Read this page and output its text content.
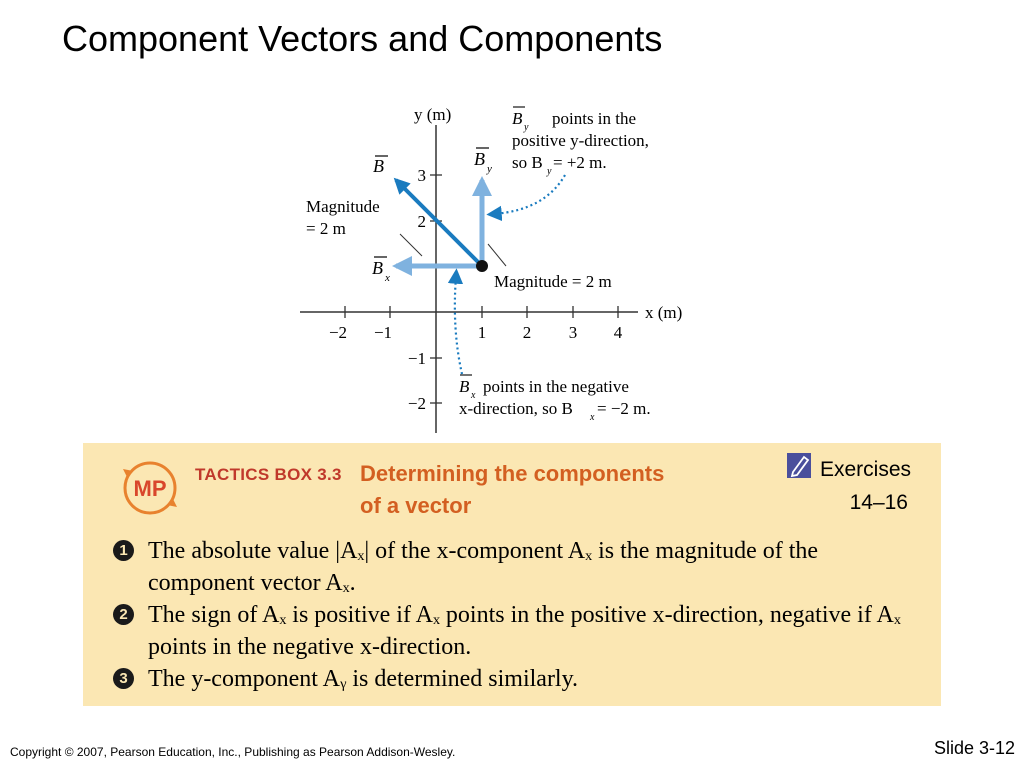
Component Vectors and Components
−2 −1	1 2 3 4
3
2
−1
−2
y (m)
x (m)
B	B y
B x
Magnitude
= 2 m
Magnitude = 2 m
B y points in the
positive y-direction,
so B y = +2 m.
B x points in the negative
x-direction, so B x = −2 m.
MP
TACTICS BOX 3.3 Determining the components
of a vector
Exercises
14–16
1 The absolute value |Aₓ| of the x-component Aₓ is the magnitude of the component vector Aₓ.
2 The sign of Aₓ is positive if Aₓ points in the positive x-direction, negative if Aₓ points in the negative x-direction.
3 The y-component Aᵧ is determined similarly.
Copyright © 2007, Pearson Education, Inc., Publishing as Pearson Addison-Wesley.	Slide 3-12
